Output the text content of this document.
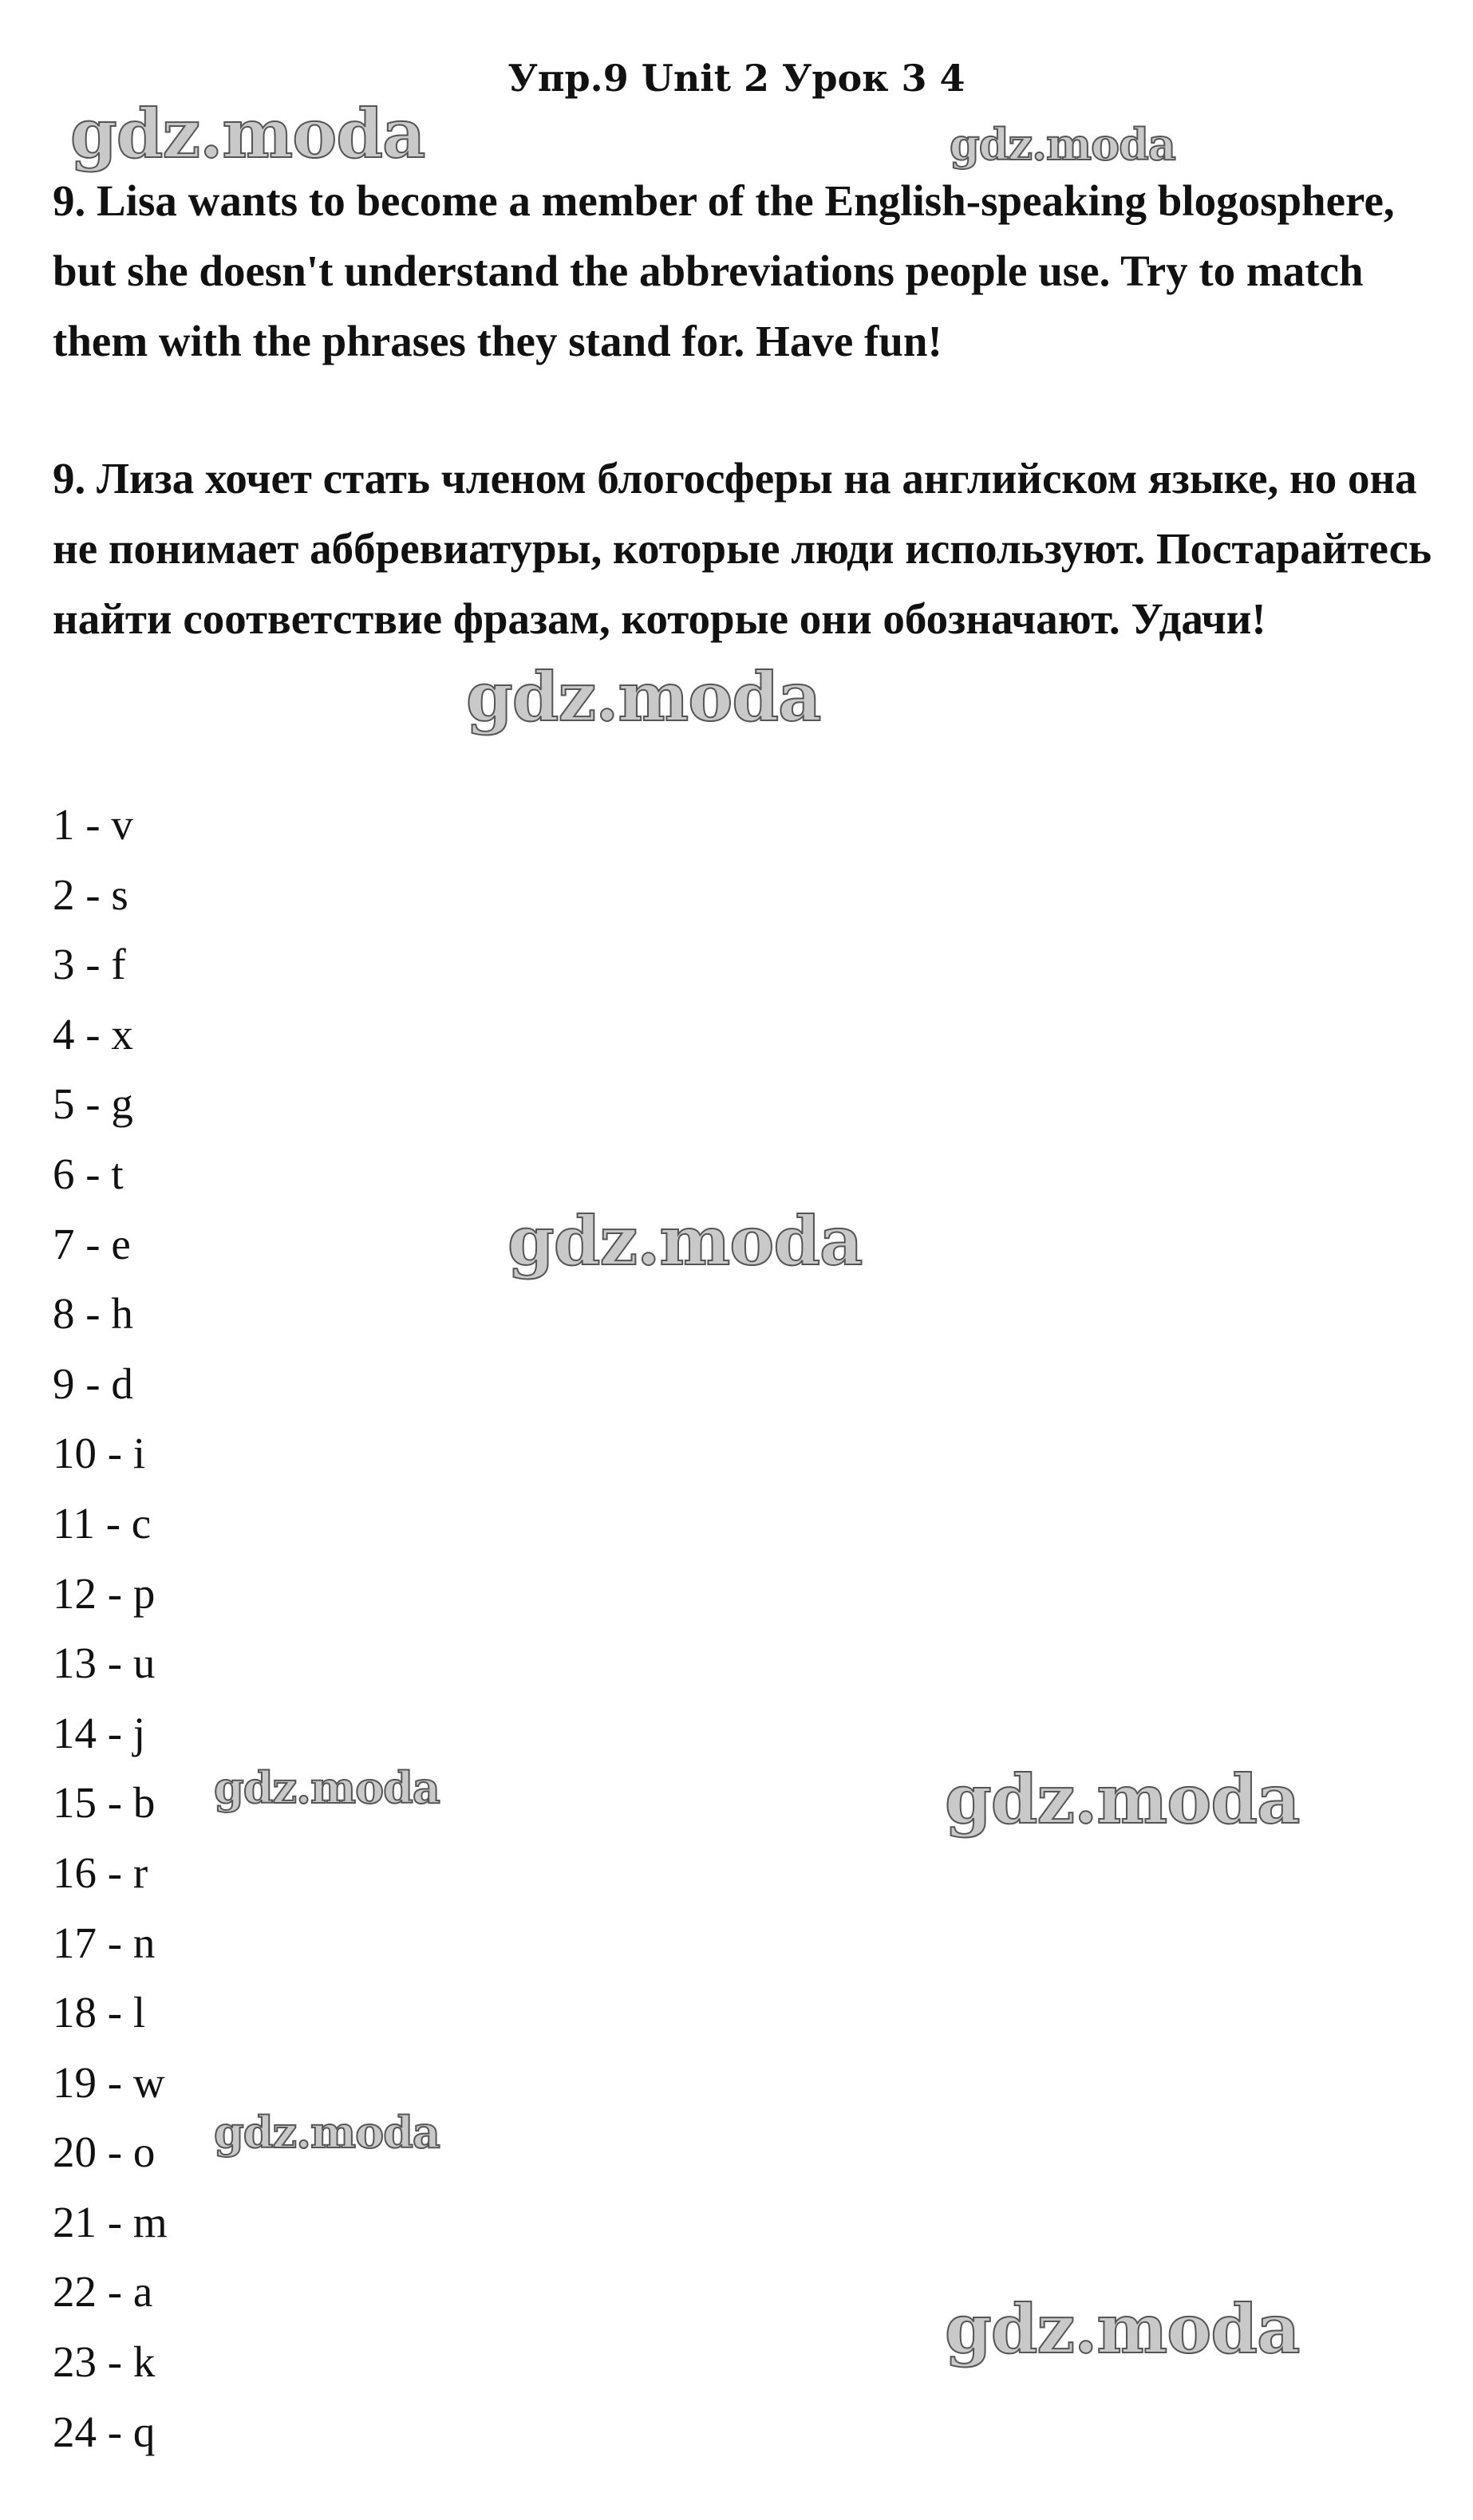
Упр.9 Unit 2 Урок 3 4

9. Lisa wants to become a member of the English-speaking blogosphere, but she doesn't understand the abbreviations people use. Try to match them with the phrases they stand for. Have fun!

9. Лиза хочет стать членом блогосферы на английском языке, но она не понимает аббревиатуры, которые люди используют. Постарайтесь найти соответствие фразам, которые они обозначают. Удачи!

1 - v
2 - s
3 - f
4 - x
5 - g
6 - t
7 - e
8 - h
9 - d
10 - i
11 - c
12 - p
13 - u
14 - j
15 - b
16 - r
17 - n
18 - l
19 - w
20 - o
21 - m
22 - a
23 - k
24 - q
gdz.moda	gdz.moda
gdz.moda
gdz.moda
gdz.moda	gdz.moda
gdz.moda
gdz.moda
